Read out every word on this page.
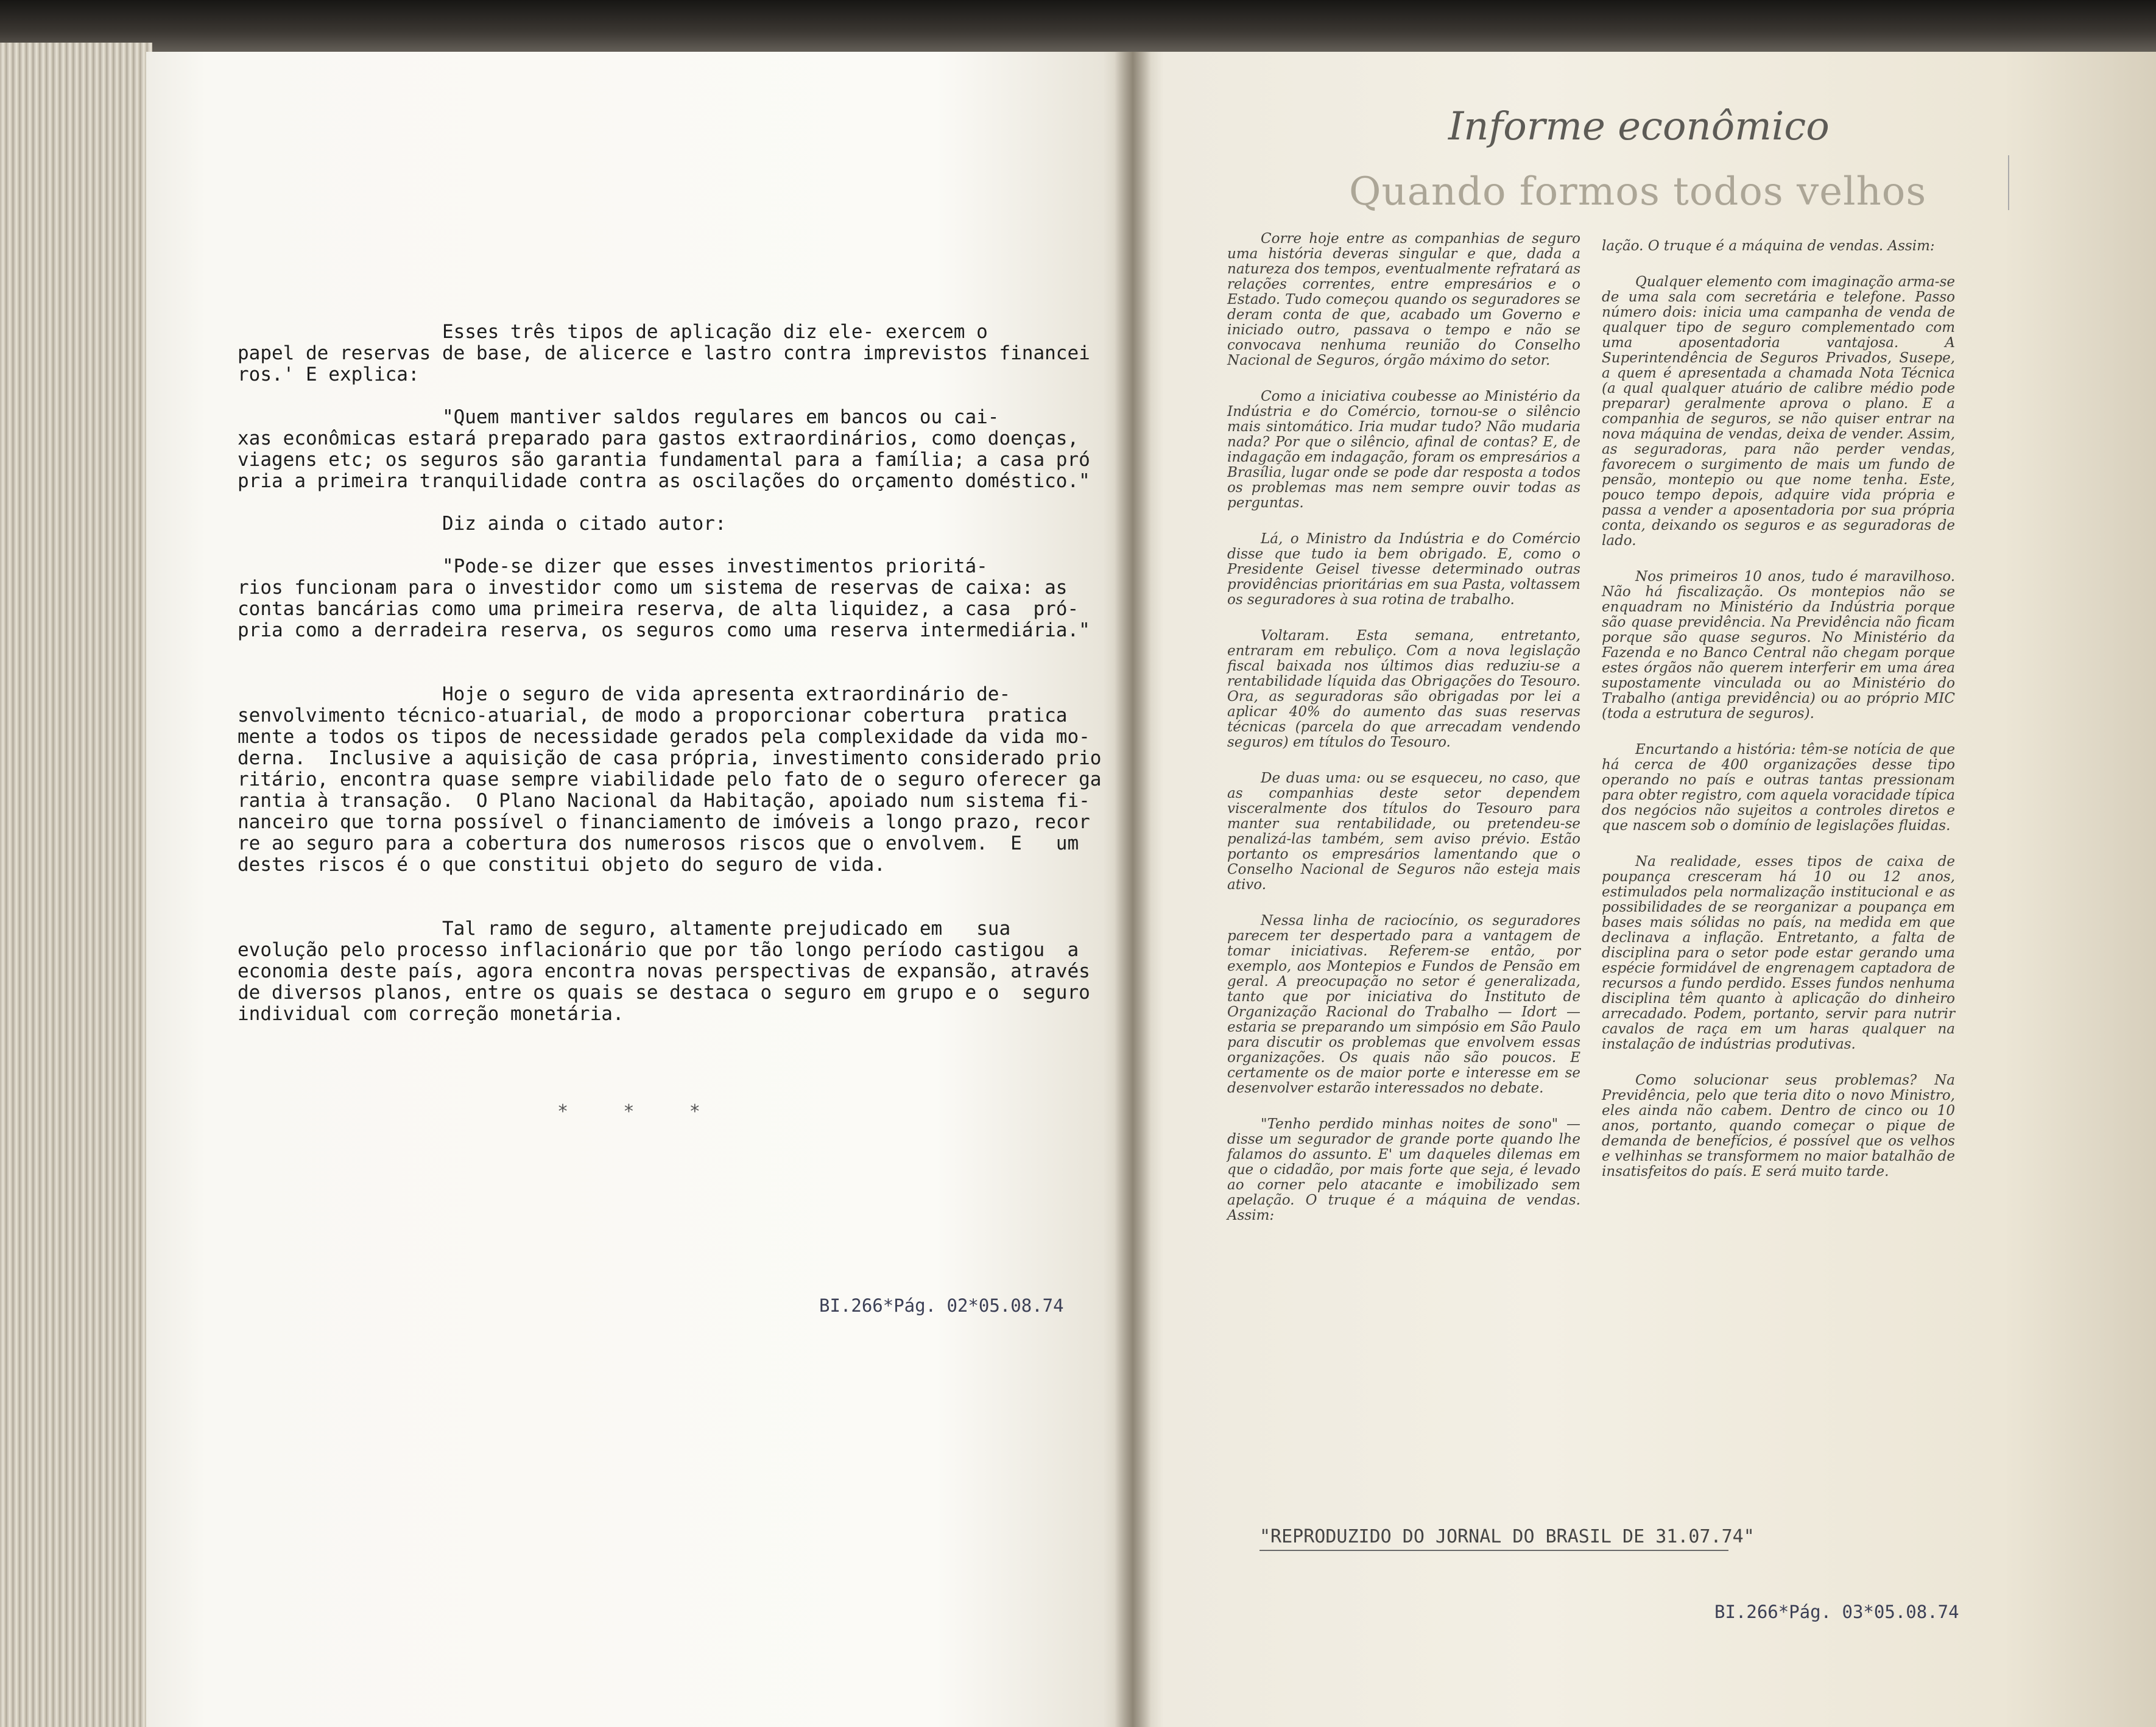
Esses três tipos de aplicação diz ele- exercem o
papel de reservas de base, de alicerce e lastro contra imprevistos financei
ros.' E explica:

"Quem mantiver saldos regulares em bancos ou cai-
xas econômicas estará preparado para gastos extraordinários, como doenças,
viagens etc; os seguros são garantia fundamental para a família; a casa pró
pria a primeira tranquilidade contra as oscilações do orçamento doméstico."

Diz ainda o citado autor:

"Pode-se dizer que esses investimentos prioritá-
rios funcionam para o investidor como um sistema de reservas de caixa: as
contas bancárias como uma primeira reserva, de alta liquidez, a casa  pró-
pria como a derradeira reserva, os seguros como uma reserva intermediária."

Hoje o seguro de vida apresenta extraordinário de-
senvolvimento técnico-atuarial, de modo a proporcionar cobertura  pratica
mente a todos os tipos de necessidade gerados pela complexidade da vida mo-
derna.  Inclusive a aquisição de casa própria, investimento considerado prio
ritário, encontra quase sempre viabilidade pelo fato de o seguro oferecer ga
rantia à transação.  O Plano Nacional da Habitação, apoiado num sistema fi-
nanceiro que torna possível o financiamento de imóveis a longo prazo, recor
re ao seguro para a cobertura dos numerosos riscos que o envolvem.  E   um
destes riscos é o que constitui objeto do seguro de vida.

Tal ramo de seguro, altamente prejudicado em   sua
evolução pelo processo inflacionário que por tão longo período castigou  a
economia deste país, agora encontra novas perspectivas de expansão, através
de diversos planos, entre os quais se destaca o seguro em grupo e o  seguro
individual com correção monetária.

*     *     *
BI.266*Pág. 02*05.08.74
Informe econômico
Quando formos todos velhos

Corre hoje entre as companhias de seguro uma história deveras singular e que, dada a natureza dos tempos, eventualmente refratará as relações correntes, entre empresários e o Estado. Tudo começou quando os seguradores se deram conta de que, acabado um Governo e iniciado outro, passava o tempo e não se convocava nenhuma reunião do Conselho Nacional de Seguros, órgão máximo do setor.

Como a iniciativa coubesse ao Ministério da Indústria e do Comércio, tornou-se o silêncio mais sintomático. Iria mudar tudo? Não mudaria nada? Por que o silêncio, afinal de contas? E, de indagação em indagação, foram os empresários a Brasília, lugar onde se pode dar resposta a todos os problemas mas nem sempre ouvir todas as perguntas.

Lá, o Ministro da Indústria e do Comércio disse que tudo ia bem obrigado. E, como o Presidente Geisel tivesse determinado outras providências prioritárias em sua Pasta, voltassem os seguradores à sua rotina de trabalho.

Voltaram. Esta semana, entretanto, entraram em rebuliço. Com a nova legislação fiscal baixada nos últimos dias reduziu-se a rentabilidade líquida das Obrigações do Tesouro. Ora, as seguradoras são obrigadas por lei a aplicar 40% do aumento das suas reservas técnicas (parcela do que arrecadam vendendo seguros) em títulos do Tesouro.

De duas uma: ou se esqueceu, no caso, que as companhias deste setor dependem visceralmente dos títulos do Tesouro para manter sua rentabilidade, ou pretendeu-se penalizá-las também, sem aviso prévio. Estão portanto os empresários lamentando que o Conselho Nacional de Seguros não esteja mais ativo.

Nessa linha de raciocínio, os seguradores parecem ter despertado para a vantagem de tomar iniciativas. Referem-se então, por exemplo, aos Montepios e Fundos de Pensão em geral. A preocupação no setor é generalizada, tanto que por iniciativa do Instituto de Organização Racional do Trabalho — Idort — estaria se preparando um simpósio em São Paulo para discutir os problemas que envolvem essas organizações. Os quais não são poucos. E certamente os de maior porte e interesse em se desenvolver estarão interessados no debate.

"Tenho perdido minhas noites de sono" — disse um segurador de grande porte quando lhe falamos do assunto. E' um daqueles dilemas em que o cidadão, por mais forte que seja, é levado ao corner pelo atacante e imobilizado sem apelação. O truque é a máquina de vendas. Assim:

lação. O truque é a máquina de vendas. Assim:

Qualquer elemento com imaginação arma-se de uma sala com secretária e telefone. Passo número dois: inicia uma campanha de venda de qualquer tipo de seguro complementado com uma aposentadoria vantajosa. A Superintendência de Seguros Privados, Susepe, a quem é apresentada a chamada Nota Técnica (a qual qualquer atuário de calibre médio pode preparar) geralmente aprova o plano. E a companhia de seguros, se não quiser entrar na nova máquina de vendas, deixa de vender. Assim, as seguradoras, para não perder vendas, favorecem o surgimento de mais um fundo de pensão, montepio ou que nome tenha. Este, pouco tempo depois, adquire vida própria e passa a vender a aposentadoria por sua própria conta, deixando os seguros e as seguradoras de lado.

Nos primeiros 10 anos, tudo é maravilhoso. Não há fiscalização. Os montepios não se enquadram no Ministério da Indústria porque são quase previdência. Na Previdência não ficam porque são quase seguros. No Ministério da Fazenda e no Banco Central não chegam porque estes órgãos não querem interferir em uma área supostamente vinculada ou ao Ministério do Trabalho (antiga previdência) ou ao próprio MIC (toda a estrutura de seguros).

Encurtando a história: têm-se notícia de que há cerca de 400 organizações desse tipo operando no país e outras tantas pressionam para obter registro, com aquela voracidade típica dos negócios não sujeitos a controles diretos e que nascem sob o domínio de legislações fluidas.

Na realidade, esses tipos de caixa de poupança cresceram há 10 ou 12 anos, estimulados pela normalização institucional e as possibilidades de se reorganizar a poupança em bases mais sólidas no país, na medida em que declinava a inflação. Entretanto, a falta de disciplina para o setor pode estar gerando uma espécie formidável de engrenagem captadora de recursos a fundo perdido. Esses fundos nenhuma disciplina têm quanto à aplicação do dinheiro arrecadado. Podem, portanto, servir para nutrir cavalos de raça em um haras qualquer na instalação de indústrias produtivas.

Como solucionar seus problemas? Na Previdência, pelo que teria dito o novo Ministro, eles ainda não cabem. Dentro de cinco ou 10 anos, portanto, quando começar o pique de demanda de benefícios, é possível que os velhos e velhinhas se transformem no maior batalhão de insatisfeitos do país. E será muito tarde.

"REPRODUZIDO DO JORNAL DO BRASIL DE 31.07.74"
BI.266*Pág. 03*05.08.74
